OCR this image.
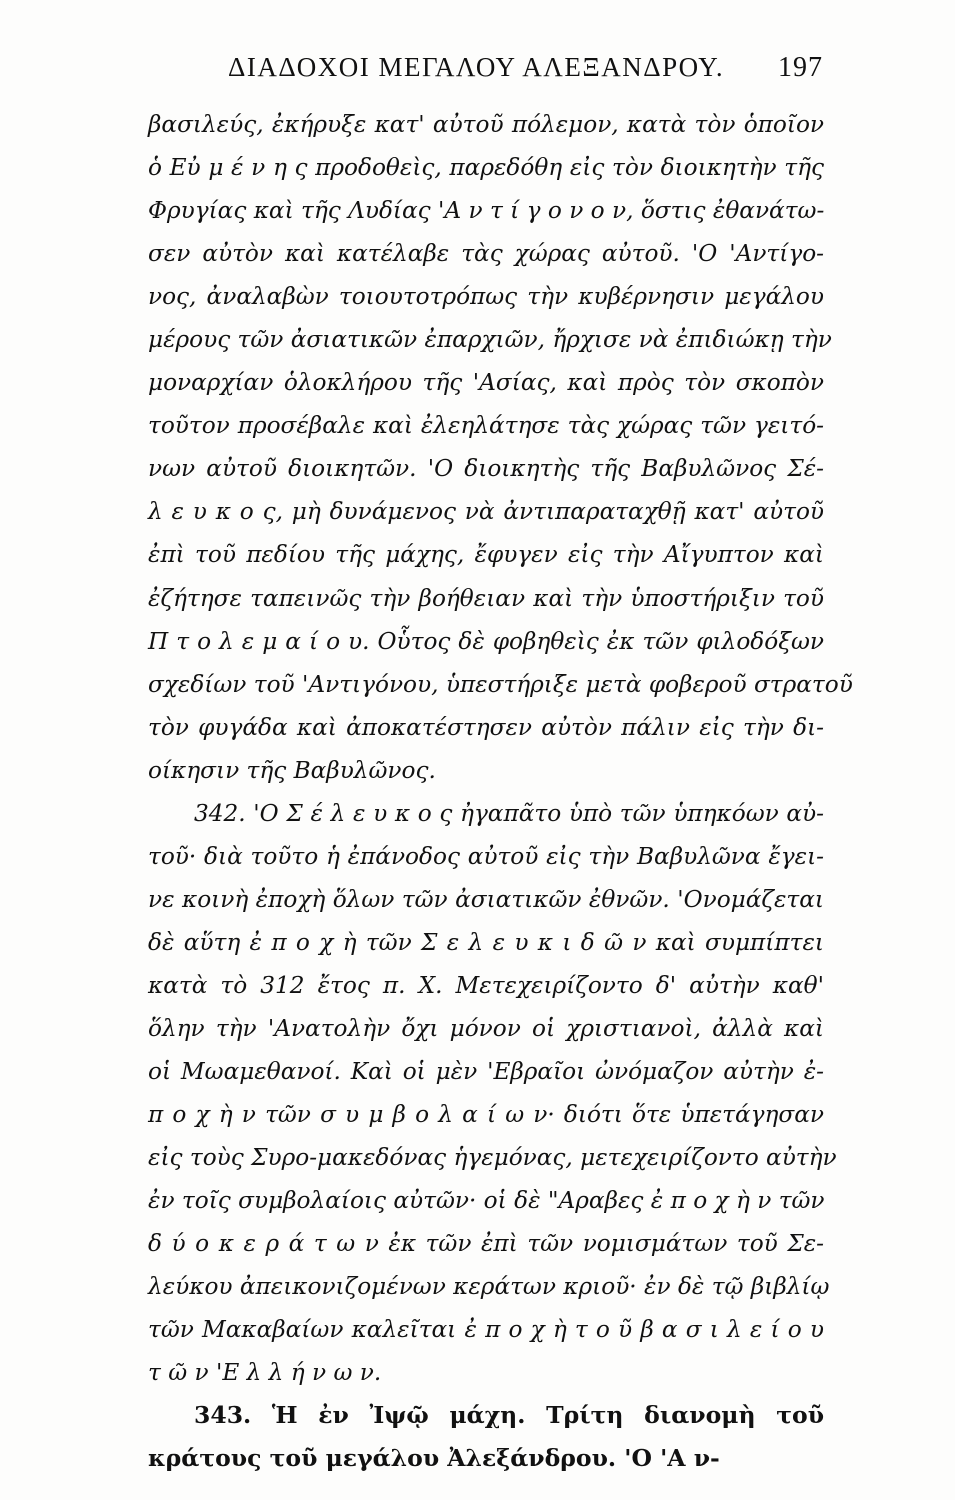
ΔΙΑΔΟΧΟΙ ΜΕΓΑΛΟΥ ΑΛΕΞΑΝΔΡΟΥ. 197
βασιλεύς, ἐκήρυξε κατ' αὐτοῦ πόλεμον, κατὰ τὸν ὁποῖον
ὁ Εὐ μ έ ν η ς προδοθεὶς, παρεδόθη εἰς τὸν διοικητὴν τῆς
Φρυγίας καὶ τῆς Λυδίας 'Α ν τ ί γ ο ν ο ν, ὅστις ἐθανάτω-
σεν αὐτὸν καὶ κατέλαβε τὰς χώρας αὐτοῦ. 'Ο 'Αντίγο-
νος, ἀναλαβὼν τοιουτοτρόπως τὴν κυβέρνησιν μεγάλου
μέρους τῶν ἀσιατικῶν ἐπαρχιῶν, ἤρχισε νὰ ἐπιδιώκῃ τὴν
μοναρχίαν ὁλοκλήρου τῆς 'Ασίας, καὶ πρὸς τὸν σκοπὸν
τοῦτον προσέβαλε καὶ ἐλεηλάτησε τὰς χώρας τῶν γειτό-
νων αὐτοῦ διοικητῶν. 'Ο διοικητὴς τῆς Βαβυλῶνος Σέ-
λ ε υ κ ο ς, μὴ δυνάμενος νὰ ἀντιπαραταχθῇ κατ' αὐτοῦ
ἐπὶ τοῦ πεδίου τῆς μάχης, ἔφυγεν εἰς τὴν Αἴγυπτον καὶ
ἐζήτησε ταπεινῶς τὴν βοήθειαν καὶ τὴν ὑποστήριξιν τοῦ
Π τ ο λ ε μ α ί ο υ. Οὗτος δὲ φοβηθεὶς ἐκ τῶν φιλοδόξων
σχεδίων τοῦ 'Αντιγόνου, ὑπεστήριξε μετὰ φοβεροῦ στρατοῦ
τὸν φυγάδα καὶ ἀποκατέστησεν αὐτὸν πάλιν εἰς τὴν δι-
οίκησιν τῆς Βαβυλῶνος.
342. 'Ο Σ έ λ ε υ κ ο ς ἠγαπᾶτο ὑπὸ τῶν ὑπηκόων αὐ-
τοῦ· διὰ τοῦτο ἡ ἐπάνοδος αὐτοῦ εἰς τὴν Βαβυλῶνα ἔγει-
νε κοινὴ ἐποχὴ ὅλων τῶν ἀσιατικῶν ἐθνῶν. 'Ονομάζεται
δὲ αὕτη ἐ π ο χ ὴ τῶν Σ ε λ ε υ κ ι δ ῶ ν καὶ συμπίπτει
κατὰ τὸ 312 ἔτος π. Χ. Μετεχειρίζοντο δ' αὐτὴν καθ'
ὅλην τὴν 'Ανατολὴν ὄχι μόνον οἱ χριστιανοὶ, ἀλλὰ καὶ
οἱ Μωαμεθανοί. Καὶ οἱ μὲν 'Εβραῖοι ὠνόμαζον αὐτὴν ἐ-
π ο χ ὴ ν τῶν σ υ μ β ο λ α ί ω ν· διότι ὅτε ὑπετάγησαν
εἰς τοὺς Συρο-μακεδόνας ἡγεμόνας, μετεχειρίζοντο αὐτὴν
ἐν τοῖς συμβολαίοις αὐτῶν· οἱ δὲ "Αραβες ἐ π ο χ ὴ ν τῶν
δ ύ ο κ ε ρ ά τ ω ν ἐκ τῶν ἐπὶ τῶν νομισμάτων τοῦ Σε-
λεύκου ἀπεικονιζομένων κεράτων κριοῦ· ἐν δὲ τῷ βιβλίῳ
τῶν Μακαβαίων καλεῖται ἐ π ο χ ὴ τ ο ῦ β α σ ι λ ε ί ο υ
τ ῶ ν 'Ε λ λ ή ν ω ν.
343. Ἡ ἐν Ἰψῷ μάχη. Τρίτη διανομὴ τοῦ
κράτους τοῦ μεγάλου Ἀλεξάνδρου. 'Ο 'Α ν-
